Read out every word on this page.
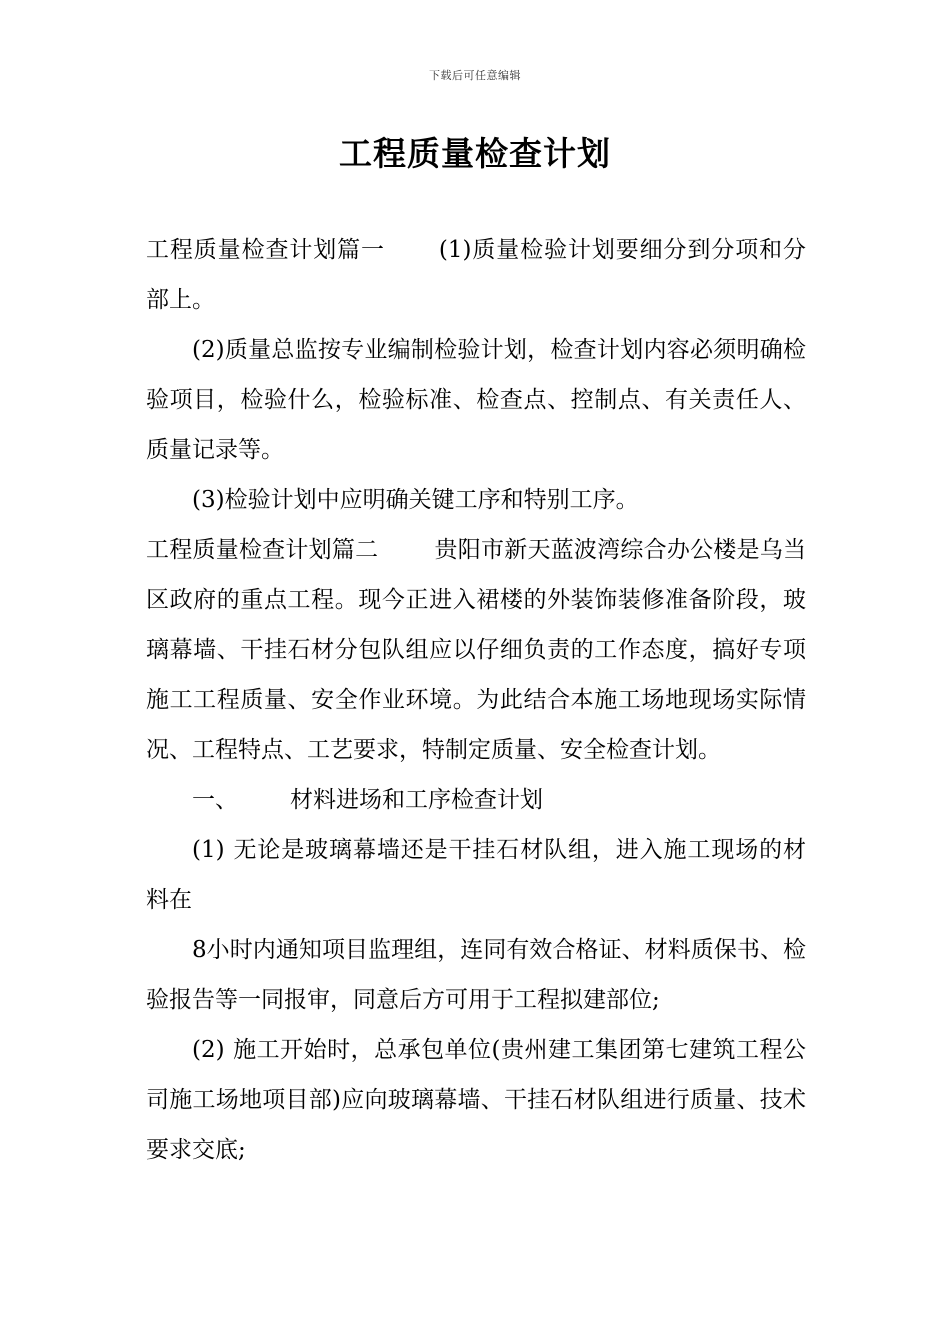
下载后可任意编辑
工程质量检查计划

工程质量检查计划篇一 (1)质量检验计划要细分到分项和分部上。

(2)质量总监按专业编制检验计划，检查计划内容必须明确检验项目，检验什么，检验标准、检查点、控制点、有关责任人、质量记录等。

(3)检验计划中应明确关键工序和特别工序。

工程质量检查计划篇二 贵阳市新天蓝波湾综合办公楼是乌当区政府的重点工程。现今正进入裙楼的外装饰装修准备阶段，玻璃幕墙、干挂石材分包队组应以仔细负责的工作态度，搞好专项施工工程质量、安全作业环境。为此结合本施工场地现场实际情况、工程特点、工艺要求，特制定质量、安全检查计划。

一、 材料进场和工序检查计划

(1) 无论是玻璃幕墙还是干挂石材队组，进入施工现场的材料在

8小时内通知项目监理组，连同有效合格证、材料质保书、检验报告等一同报审，同意后方可用于工程拟建部位;

(2) 施工开始时，总承包单位(贵州建工集团第七建筑工程公司施工场地项目部)应向玻璃幕墙、干挂石材队组进行质量、技术要求交底;
